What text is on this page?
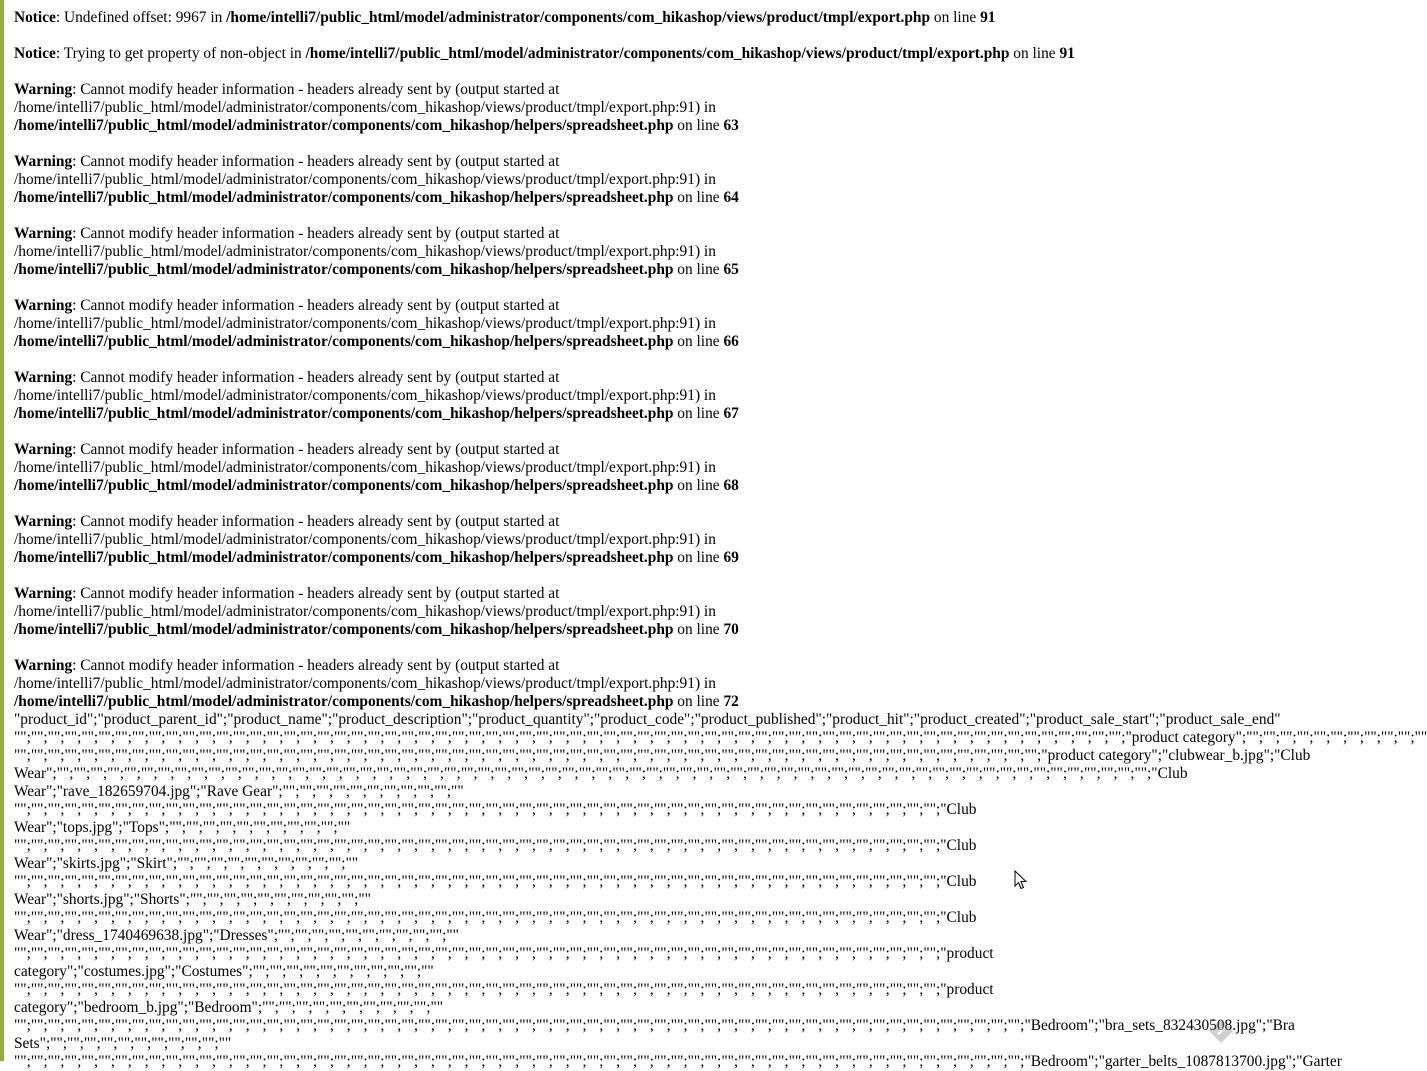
Notice: Undefined offset: 9967 in /home/intelli7/public_html/model/administrator/components/com_hikashop/views/product/tmpl/export.php on line 91
Notice: Trying to get property of non-object in /home/intelli7/public_html/model/administrator/components/com_hikashop/views/product/tmpl/export.php on line 91
Warning: Cannot modify header information - headers already sent by (output started at
/home/intelli7/public_html/model/administrator/components/com_hikashop/views/product/tmpl/export.php:91) in
/home/intelli7/public_html/model/administrator/components/com_hikashop/helpers/spreadsheet.php on line 63
Warning: Cannot modify header information - headers already sent by (output started at
/home/intelli7/public_html/model/administrator/components/com_hikashop/views/product/tmpl/export.php:91) in
/home/intelli7/public_html/model/administrator/components/com_hikashop/helpers/spreadsheet.php on line 64
Warning: Cannot modify header information - headers already sent by (output started at
/home/intelli7/public_html/model/administrator/components/com_hikashop/views/product/tmpl/export.php:91) in
/home/intelli7/public_html/model/administrator/components/com_hikashop/helpers/spreadsheet.php on line 65
Warning: Cannot modify header information - headers already sent by (output started at
/home/intelli7/public_html/model/administrator/components/com_hikashop/views/product/tmpl/export.php:91) in
/home/intelli7/public_html/model/administrator/components/com_hikashop/helpers/spreadsheet.php on line 66
Warning: Cannot modify header information - headers already sent by (output started at
/home/intelli7/public_html/model/administrator/components/com_hikashop/views/product/tmpl/export.php:91) in
/home/intelli7/public_html/model/administrator/components/com_hikashop/helpers/spreadsheet.php on line 67
Warning: Cannot modify header information - headers already sent by (output started at
/home/intelli7/public_html/model/administrator/components/com_hikashop/views/product/tmpl/export.php:91) in
/home/intelli7/public_html/model/administrator/components/com_hikashop/helpers/spreadsheet.php on line 68
Warning: Cannot modify header information - headers already sent by (output started at
/home/intelli7/public_html/model/administrator/components/com_hikashop/views/product/tmpl/export.php:91) in
/home/intelli7/public_html/model/administrator/components/com_hikashop/helpers/spreadsheet.php on line 69
Warning: Cannot modify header information - headers already sent by (output started at
/home/intelli7/public_html/model/administrator/components/com_hikashop/views/product/tmpl/export.php:91) in
/home/intelli7/public_html/model/administrator/components/com_hikashop/helpers/spreadsheet.php on line 70
Warning: Cannot modify header information - headers already sent by (output started at
/home/intelli7/public_html/model/administrator/components/com_hikashop/views/product/tmpl/export.php:91) in
/home/intelli7/public_html/model/administrator/components/com_hikashop/helpers/spreadsheet.php on line 72
"product_id";"product_parent_id";"product_name";"product_description";"product_quantity";"product_code";"product_published";"product_hit";"product_created";"product_sale_start";"product_sale_end"
"";"";"";"";"";"";"";"";"";"";"";"";"";"";"";"";"";"";"";"";"";"";"";"";"";"";"";"";"";"";"";"";"";"";"";"";"";"";"";"";"";"";"";"";"";"";"";"";"";"";"";"";"";"";"";"";"";"";"";"";"";"";"";"";"";"";"product category";"";"";"";"";"";"";"";"";"";"";""
"";"";"";"";"";"";"";"";"";"";"";"";"";"";"";"";"";"";"";"";"";"";"";"";"";"";"";"";"";"";"";"";"";"";"";"";"";"";"";"";"";"";"";"";"";"";"";"";"";"";"";"";"";"";"";"";"";"";"";"";"";"product category";"clubwear_b.jpg";"Club
Wear";"";"";"";"";"";"";"";"";"";"";"";"";"";"";"";"";"";"";"";"";"";"";"";"";"";"";"";"";"";"";"";"";"";"";"";"";"";"";"";"";"";"";"";"";"";"";"";"";"";"";"";"";"";"";"";"";"";"";"";"";"";"";"";"";"";"Club
Wear";"rave_182659704.jpg";"Rave Gear";"";"";"";"";"";"";"";"";"";"";""
"";"";"";"";"";"";"";"";"";"";"";"";"";"";"";"";"";"";"";"";"";"";"";"";"";"";"";"";"";"";"";"";"";"";"";"";"";"";"";"";"";"";"";"";"";"";"";"";"";"";"";"";"";"";"";"Club
Wear";"tops.jpg";"Tops";"";"";"";"";"";"";"";"";"";"";""
"";"";"";"";"";"";"";"";"";"";"";"";"";"";"";"";"";"";"";"";"";"";"";"";"";"";"";"";"";"";"";"";"";"";"";"";"";"";"";"";"";"";"";"";"";"";"";"";"";"";"";"";"";"";"";"Club
Wear";"skirts.jpg";"Skirt";"";"";"";"";"";"";"";"";"";"";""
"";"";"";"";"";"";"";"";"";"";"";"";"";"";"";"";"";"";"";"";"";"";"";"";"";"";"";"";"";"";"";"";"";"";"";"";"";"";"";"";"";"";"";"";"";"";"";"";"";"";"";"";"";"";"";"Club
Wear";"shorts.jpg";"Shorts";"";"";"";"";"";"";"";"";"";"";""
"";"";"";"";"";"";"";"";"";"";"";"";"";"";"";"";"";"";"";"";"";"";"";"";"";"";"";"";"";"";"";"";"";"";"";"";"";"";"";"";"";"";"";"";"";"";"";"";"";"";"";"";"";"";"";"Club
Wear";"dress_1740469638.jpg";"Dresses";"";"";"";"";"";"";"";"";"";"";""
"";"";"";"";"";"";"";"";"";"";"";"";"";"";"";"";"";"";"";"";"";"";"";"";"";"";"";"";"";"";"";"";"";"";"";"";"";"";"";"";"";"";"";"";"";"";"";"";"";"";"";"";"";"";"";"product
category";"costumes.jpg";"Costumes";"";"";"";"";"";"";"";"";"";"";""
"";"";"";"";"";"";"";"";"";"";"";"";"";"";"";"";"";"";"";"";"";"";"";"";"";"";"";"";"";"";"";"";"";"";"";"";"";"";"";"";"";"";"";"";"";"";"";"";"";"";"";"";"";"";"";"product
category";"bedroom_b.jpg";"Bedroom";"";"";"";"";"";"";"";"";"";"";""
"";"";"";"";"";"";"";"";"";"";"";"";"";"";"";"";"";"";"";"";"";"";"";"";"";"";"";"";"";"";"";"";"";"";"";"";"";"";"";"";"";"";"";"";"";"";"";"";"";"";"";"";"";"";"";"";"";"";"";"";"Bedroom";"bra_sets_832430508.jpg";"Bra
Sets";"";"";"";"";"";"";"";"";"";"";""
"";"";"";"";"";"";"";"";"";"";"";"";"";"";"";"";"";"";"";"";"";"";"";"";"";"";"";"";"";"";"";"";"";"";"";"";"";"";"";"";"";"";"";"";"";"";"";"";"";"";"";"";"";"";"";"";"";"";"";"";"Bedroom";"garter_belts_1087813700.jpg";"Garter
